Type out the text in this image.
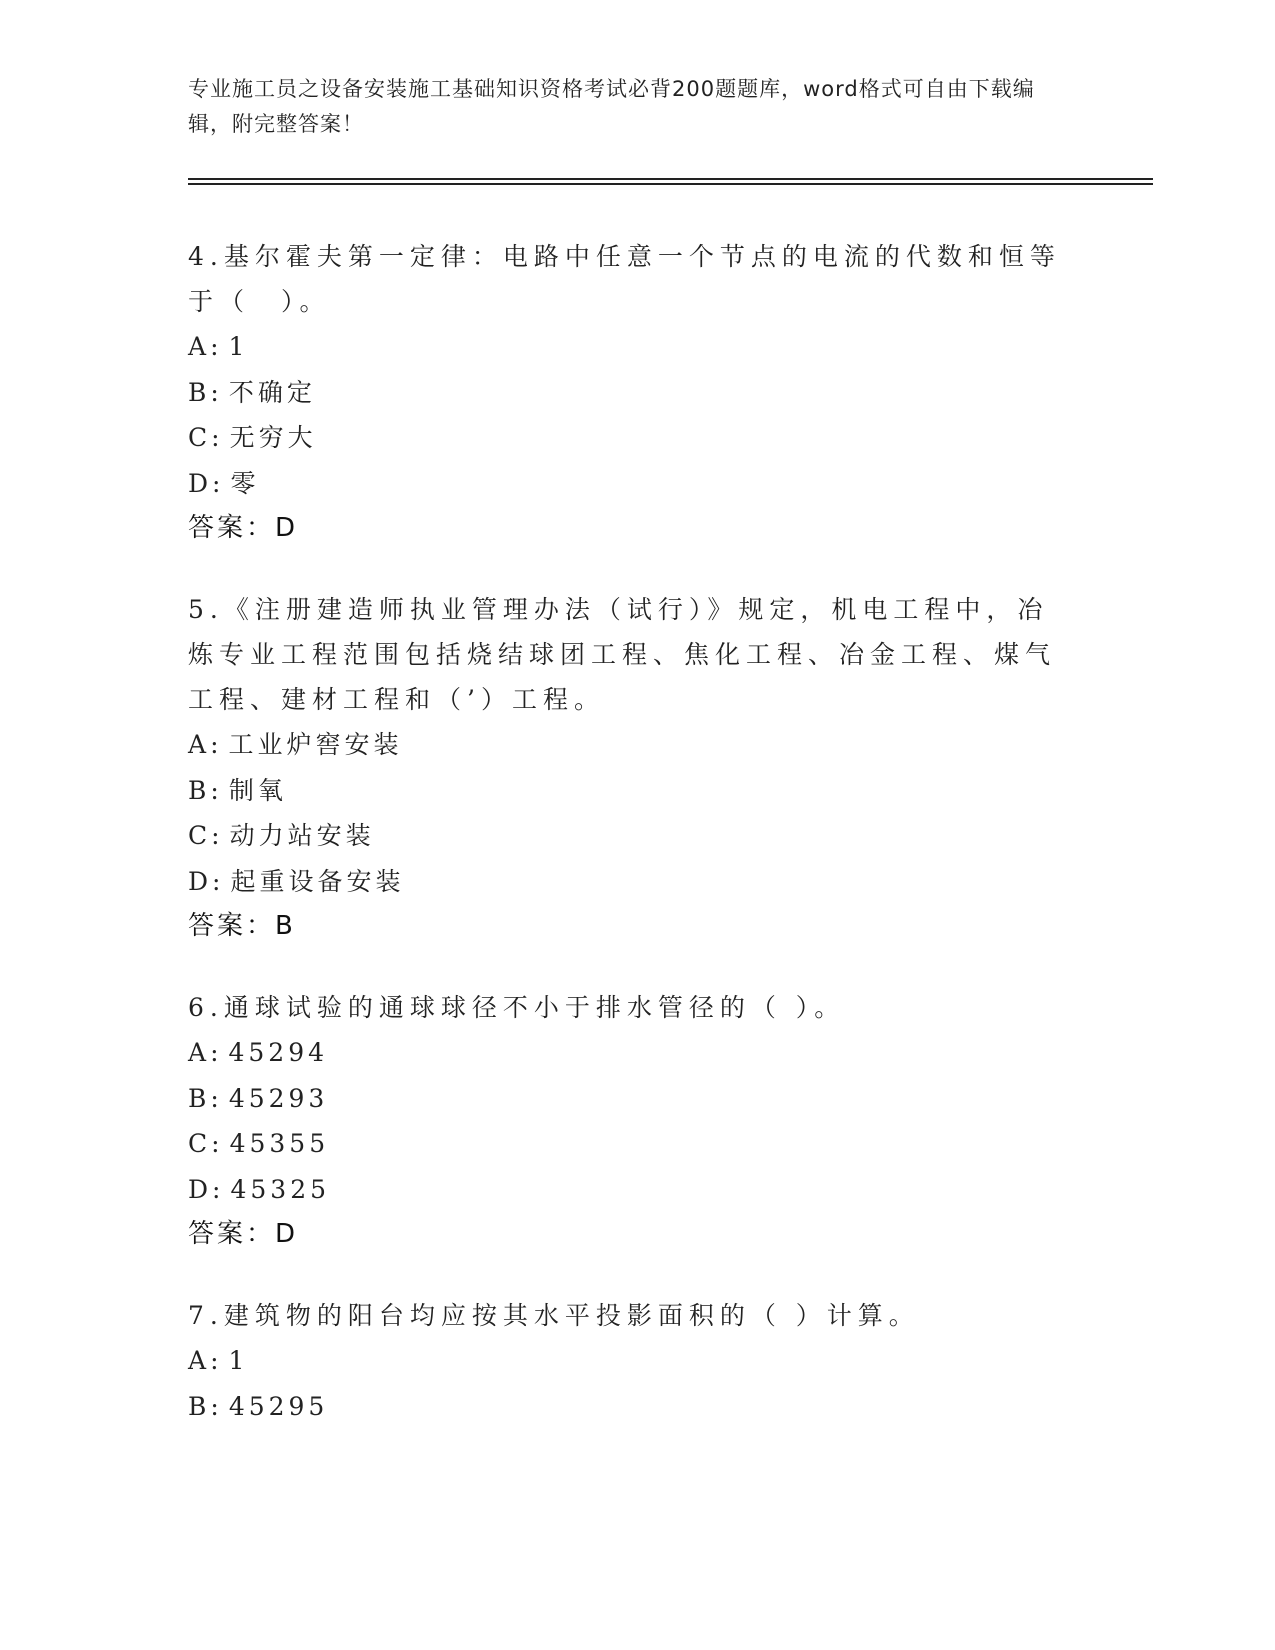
专业施工员之设备安装施工基础知识资格考试必背200题题库，word格式可自由下载编辑，附完整答案！

4.基尔霍夫第一定律：电路中任意一个节点的电流的代数和恒等于（　）。

A: 1
B: 不确定
C: 无穷大
D: 零
答案：D

5.《注册建造师执业管理办法（试行）》规定，机电工程中，冶炼专业工程范围包括烧结球团工程、焦化工程、冶金工程、煤气工程、建材工程和（’）工程。

A: 工业炉窖安装
B: 制氧
C: 动力站安装
D: 起重设备安装
答案：B

6.通球试验的通球球径不小于排水管径的（ ）。

A: 45294
B: 45293
C: 45355
D: 45325
答案：D

7.建筑物的阳台均应按其水平投影面积的（ ）计算。

A: 1
B: 45295
